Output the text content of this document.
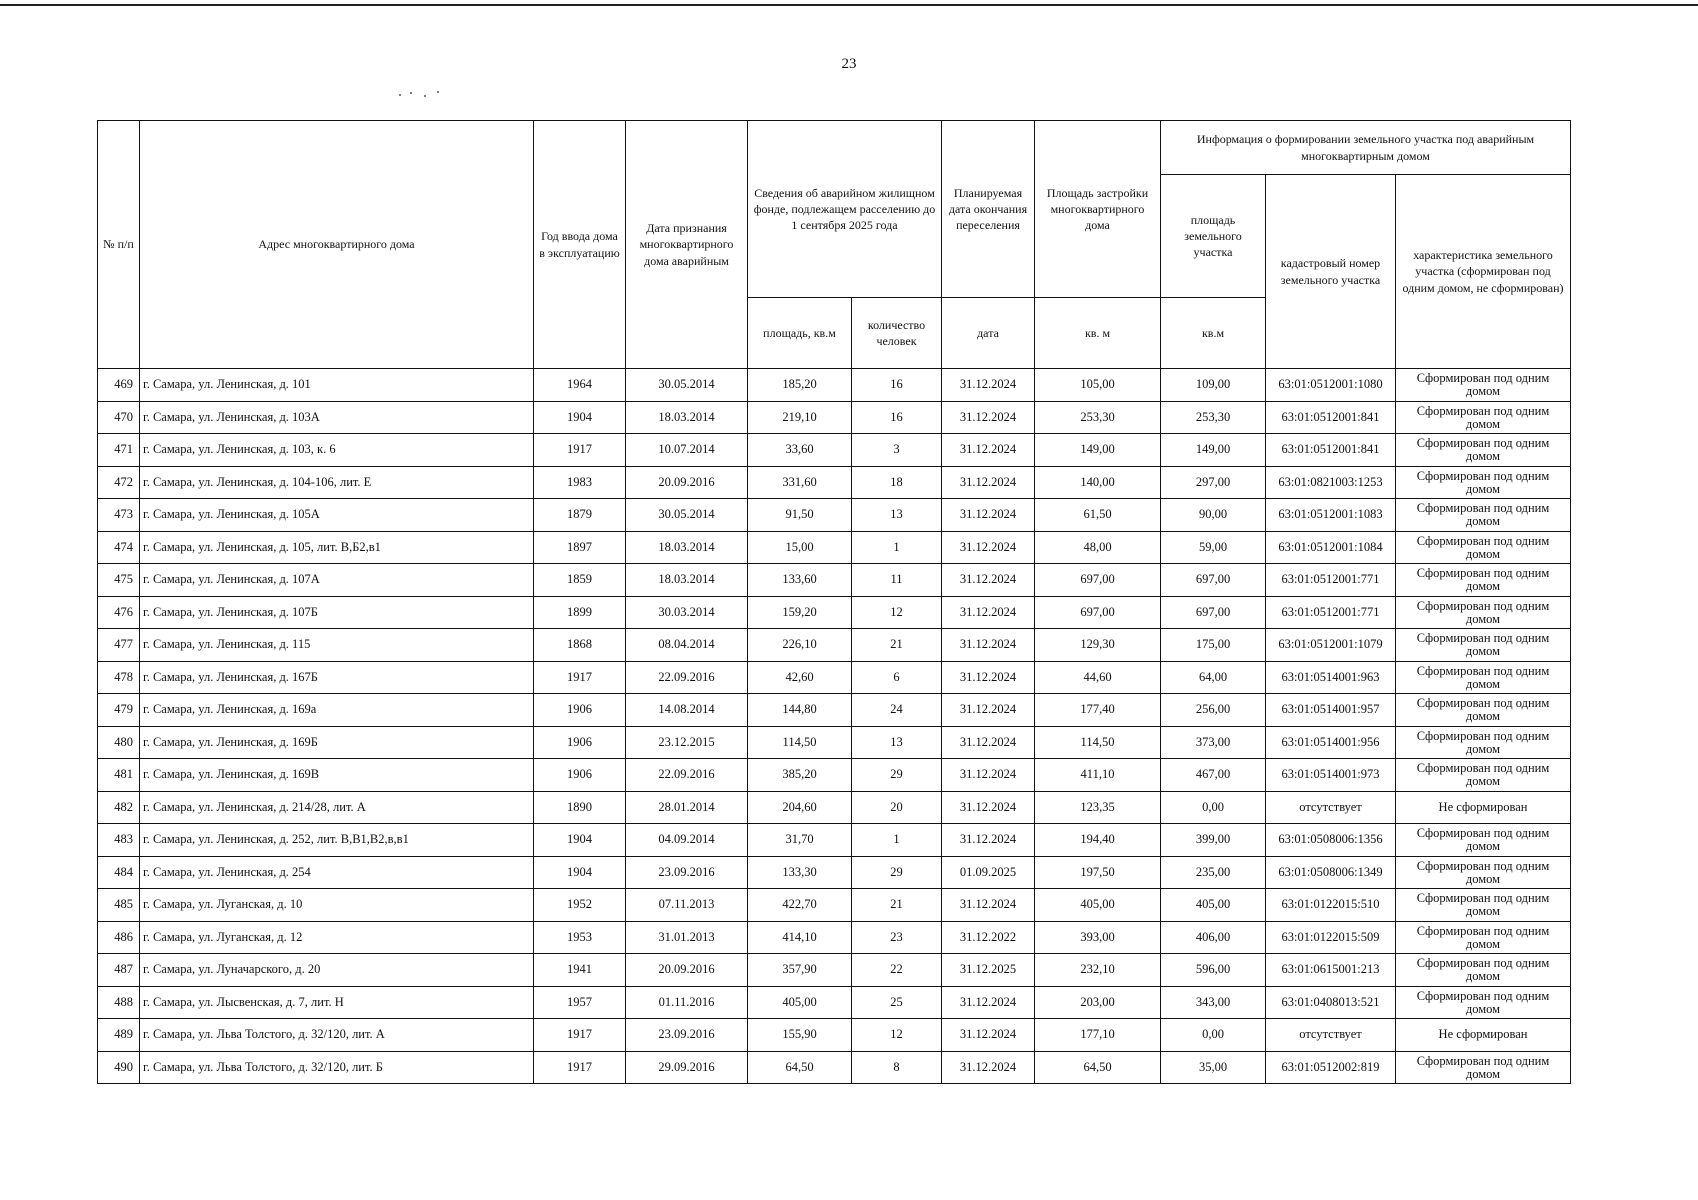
23
№ п/п	Адрес многоквартирного дома	Год ввода дома в эксплуатацию	Дата признания многоквартирного дома аварийным	Сведения об аварийном жилищном фонде, подлежащем расселению до 1 сентября 2025 года		Планируемая дата окончания переселения	Площадь застройки многоквартирного дома	Информация о формировании земельного участка под аварийным многоквартирным домом		
								площадь земельного участка	кадастровый номер земельного участка	характеристика земельного участка (сформирован под одним домом, не сформирован)
				площадь, кв.м	количество человек	дата	кв. м	кв.м		
469	г. Самара, ул. Ленинская, д. 101	1964	30.05.2014	185,20	16	31.12.2024	105,00	109,00	63:01:0512001:1080	Сформирован под одним домом
470	г. Самара, ул. Ленинская, д. 103А	1904	18.03.2014	219,10	16	31.12.2024	253,30	253,30	63:01:0512001:841	Сформирован под одним домом
471	г. Самара, ул. Ленинская, д. 103, к. 6	1917	10.07.2014	33,60	3	31.12.2024	149,00	149,00	63:01:0512001:841	Сформирован под одним домом
472	г. Самара, ул. Ленинская, д. 104-106, лит. Е	1983	20.09.2016	331,60	18	31.12.2024	140,00	297,00	63:01:0821003:1253	Сформирован под одним домом
473	г. Самара, ул. Ленинская, д. 105А	1879	30.05.2014	91,50	13	31.12.2024	61,50	90,00	63:01:0512001:1083	Сформирован под одним домом
474	г. Самара, ул. Ленинская, д. 105, лит. В,Б2,в1	1897	18.03.2014	15,00	1	31.12.2024	48,00	59,00	63:01:0512001:1084	Сформирован под одним домом
475	г. Самара, ул. Ленинская, д. 107А	1859	18.03.2014	133,60	11	31.12.2024	697,00	697,00	63:01:0512001:771	Сформирован под одним домом
476	г. Самара, ул. Ленинская, д. 107Б	1899	30.03.2014	159,20	12	31.12.2024	697,00	697,00	63:01:0512001:771	Сформирован под одним домом
477	г. Самара, ул. Ленинская, д. 115	1868	08.04.2014	226,10	21	31.12.2024	129,30	175,00	63:01:0512001:1079	Сформирован под одним домом
478	г. Самара, ул. Ленинская, д. 167Б	1917	22.09.2016	42,60	6	31.12.2024	44,60	64,00	63:01:0514001:963	Сформирован под одним домом
479	г. Самара, ул. Ленинская, д. 169а	1906	14.08.2014	144,80	24	31.12.2024	177,40	256,00	63:01:0514001:957	Сформирован под одним домом
480	г. Самара, ул. Ленинская, д. 169Б	1906	23.12.2015	114,50	13	31.12.2024	114,50	373,00	63:01:0514001:956	Сформирован под одним домом
481	г. Самара, ул. Ленинская, д. 169В	1906	22.09.2016	385,20	29	31.12.2024	411,10	467,00	63:01:0514001:973	Сформирован под одним домом
482	г. Самара, ул. Ленинская, д. 214/28, лит. А	1890	28.01.2014	204,60	20	31.12.2024	123,35	0,00	отсутствует	Не сформирован
483	г. Самара, ул. Ленинская, д. 252, лит. В,В1,В2,в,в1	1904	04.09.2014	31,70	1	31.12.2024	194,40	399,00	63:01:0508006:1356	Сформирован под одним домом
484	г. Самара, ул. Ленинская, д. 254	1904	23.09.2016	133,30	29	01.09.2025	197,50	235,00	63:01:0508006:1349	Сформирован под одним домом
485	г. Самара, ул. Луганская, д. 10	1952	07.11.2013	422,70	21	31.12.2024	405,00	405,00	63:01:0122015:510	Сформирован под одним домом
486	г. Самара, ул. Луганская, д. 12	1953	31.01.2013	414,10	23	31.12.2022	393,00	406,00	63:01:0122015:509	Сформирован под одним домом
487	г. Самара, ул. Луначарского, д. 20	1941	20.09.2016	357,90	22	31.12.2025	232,10	596,00	63:01:0615001:213	Сформирован под одним домом
488	г. Самара, ул. Лысвенская, д. 7, лит. Н	1957	01.11.2016	405,00	25	31.12.2024	203,00	343,00	63:01:0408013:521	Сформирован под одним домом
489	г. Самара, ул. Льва Толстого, д. 32/120, лит. А	1917	23.09.2016	155,90	12	31.12.2024	177,10	0,00	отсутствует	Не сформирован
490	г. Самара, ул. Льва Толстого, д. 32/120, лит. Б	1917	29.09.2016	64,50	8	31.12.2024	64,50	35,00	63:01:0512002:819	Сформирован под одним домом
